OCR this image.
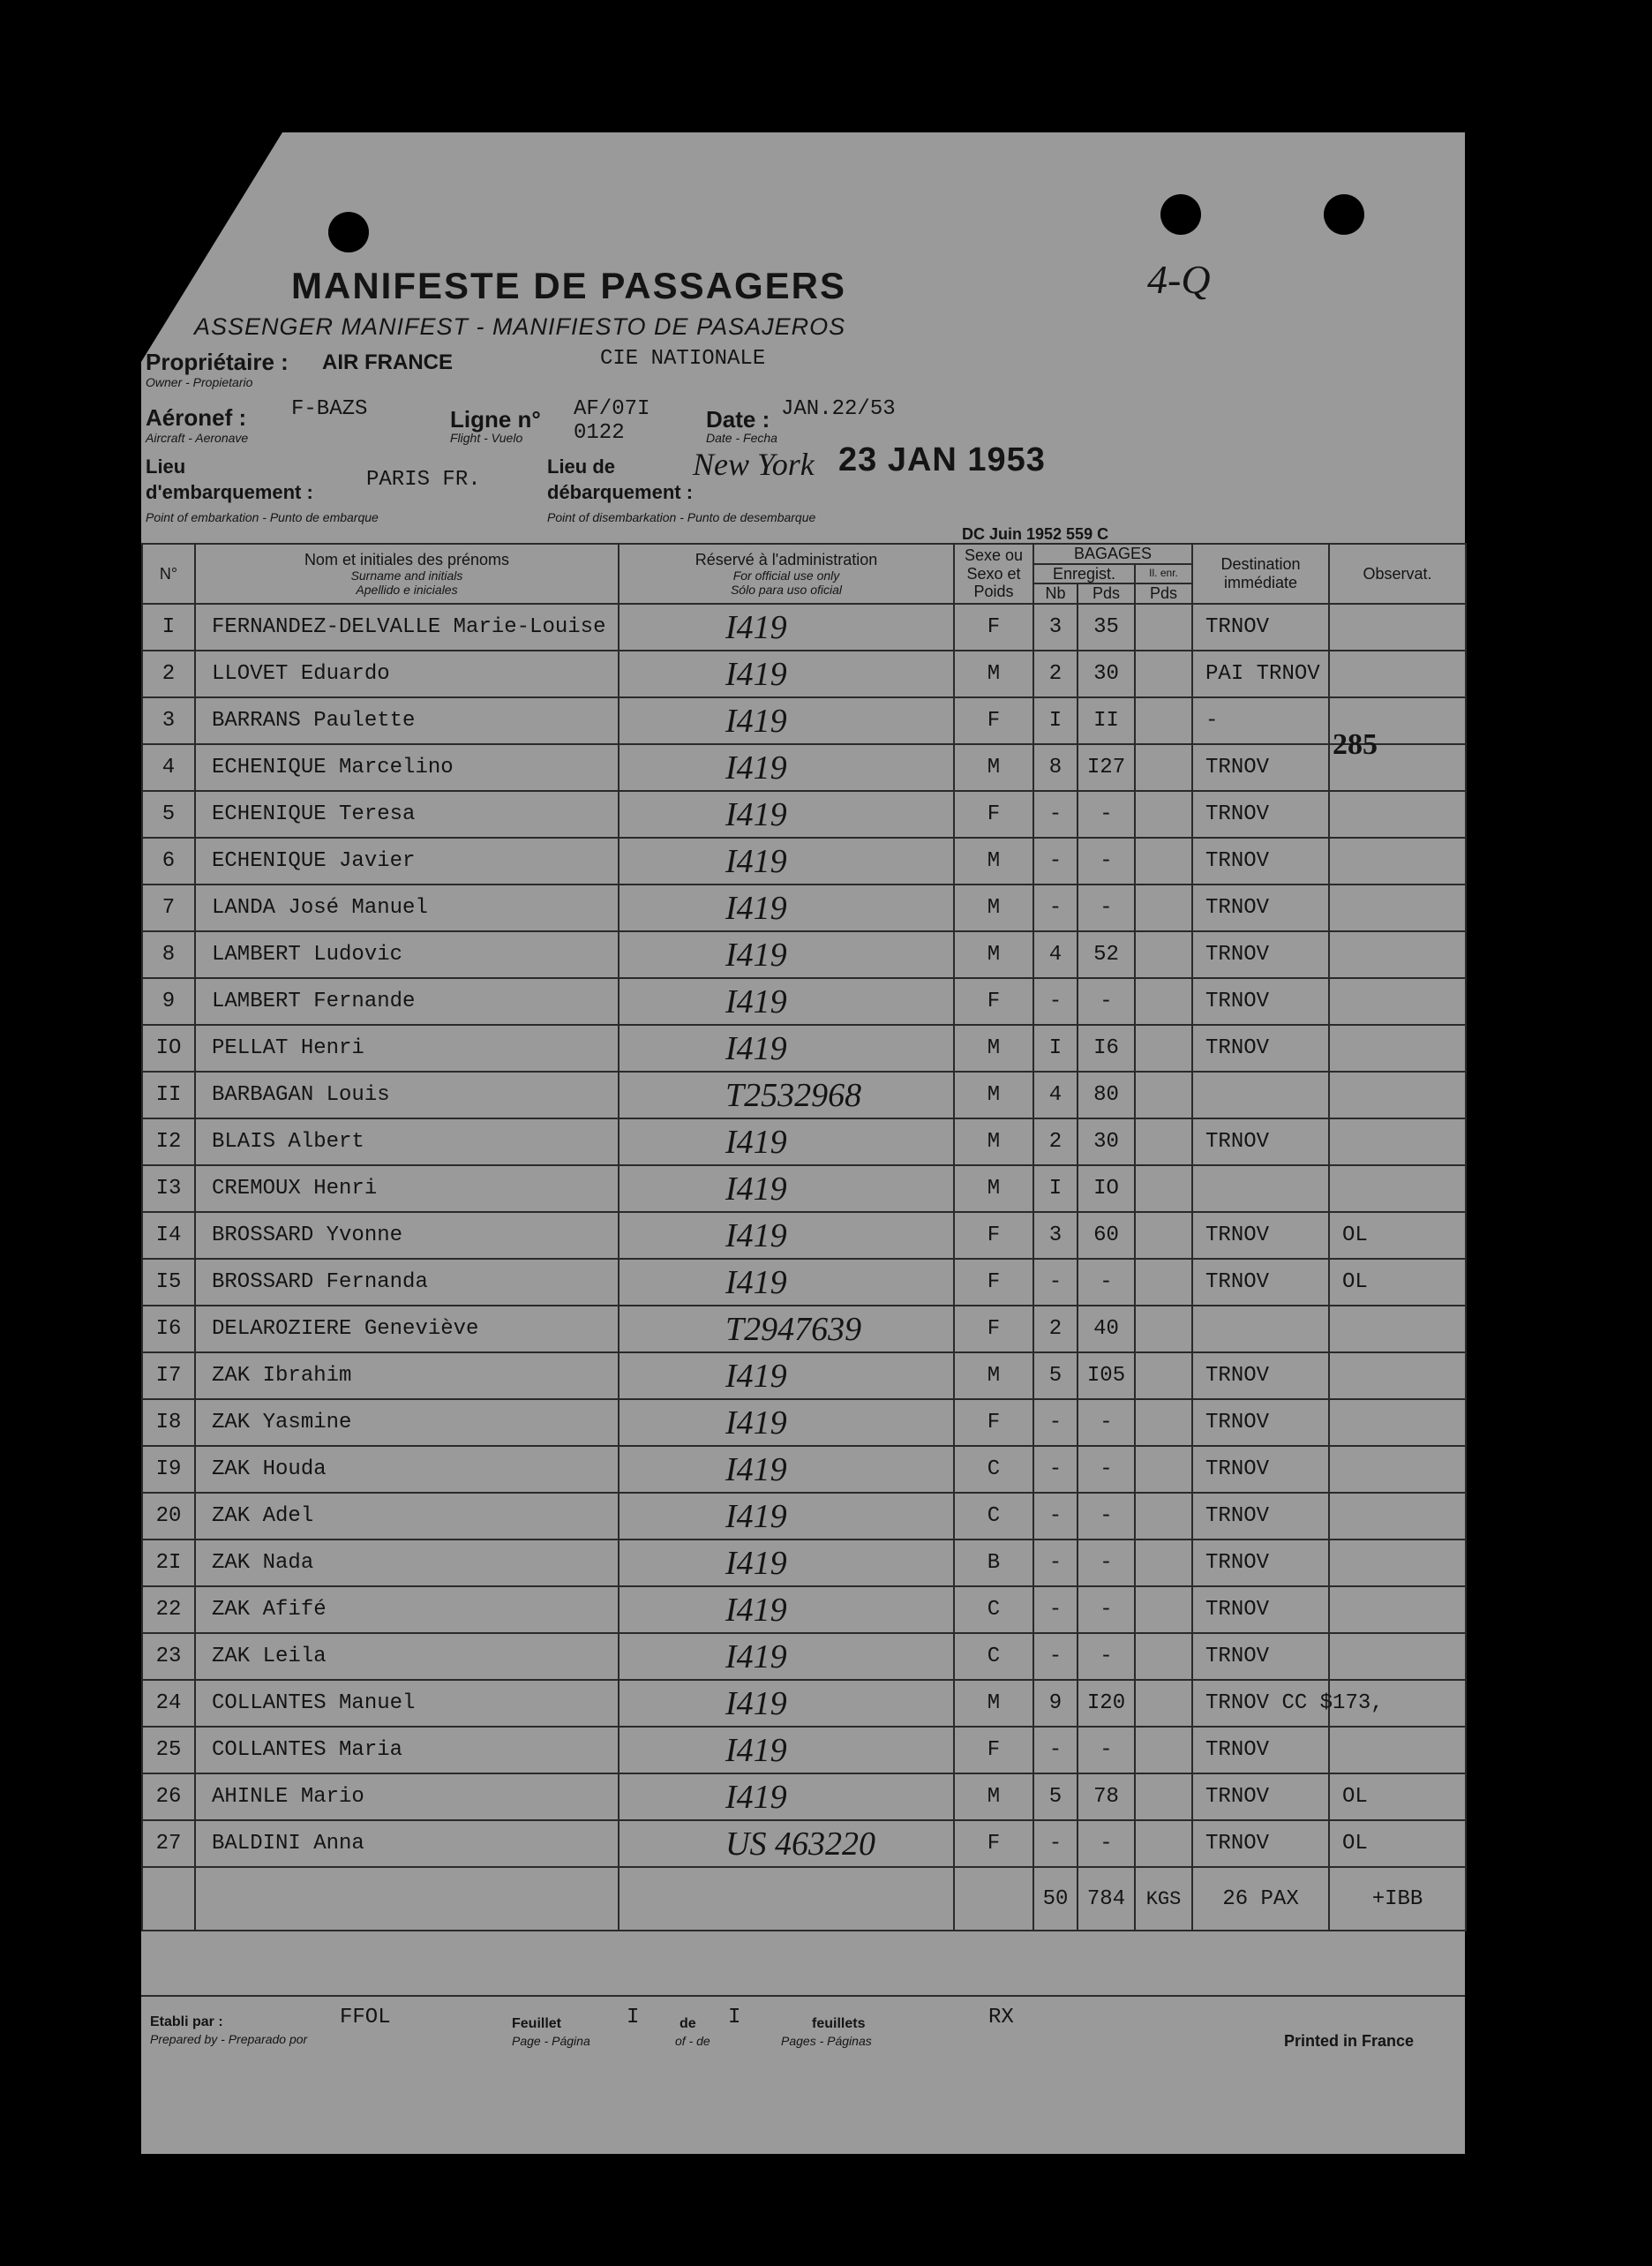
MANIFESTE DE PASSAGERS
ASSENGER MANIFEST - MANIFIESTO DE PASAJEROS
4-Q
Propriétaire :
Owner - Propietario
AIR FRANCE	CIE NATIONALE
Aéronef :
Aircraft - Aeronave
F-BAZS	Ligne n°
Flight - Vuelo
AF/07I
0122
Date :
Date - Fecha
JAN.22/53
23 JAN 1953
Lieu d'embarquement :
Point of embarkation - Punto de embarque
PARIS FR.
Lieu de débarquement :
Point of disembarkation - Punto de desembarque
New York
DC Juin 1952 559 C
N°	Nom et initiales des prénoms
Surname and initials
Apellido e iniciales	Réservé à l'administration
For official use only
Sólo para uso oficial	Sexe ou Sexo et Poids	BAGAGES			Destination immédiate	Observat.
				Enregist.		Il. enr.		
				Nb	Pds	Pds		
I	FERNANDEZ-DELVALLE Marie-Louise	I419	F	3	35		TRNOV	
2	LLOVET Eduardo	I419	M	2	30		PAI TRNOV	
3	BARRANS Paulette	I419	F	I	II		-	
4	ECHENIQUE Marcelino	I419	M	8	I27		TRNOV	
5	ECHENIQUE Teresa	I419	F	-	-		TRNOV	
6	ECHENIQUE Javier	I419	M	-	-		TRNOV	
7	LANDA José Manuel	I419	M	-	-		TRNOV	
8	LAMBERT Ludovic	I419	M	4	52		TRNOV	
9	LAMBERT Fernande	I419	F	-	-		TRNOV	
IO	PELLAT Henri	I419	M	I	I6		TRNOV	
II	BARBAGAN Louis	T2532968	M	4	80			
I2	BLAIS Albert	I419	M	2	30		TRNOV	
I3	CREMOUX Henri	I419	M	I	IO			
I4	BROSSARD Yvonne	I419	F	3	60		TRNOV	OL
I5	BROSSARD Fernanda	I419	F	-	-		TRNOV	OL
I6	DELAROZIERE Geneviève	T2947639	F	2	40			
I7	ZAK Ibrahim	I419	M	5	I05		TRNOV	
I8	ZAK Yasmine	I419	F	-	-		TRNOV	
I9	ZAK Houda	I419	C	-	-		TRNOV	
20	ZAK Adel	I419	C	-	-		TRNOV	
2I	ZAK Nada	I419	B	-	-		TRNOV	
22	ZAK Afifé	I419	C	-	-		TRNOV	
23	ZAK Leila	I419	C	-	-		TRNOV	
24	COLLANTES Manuel	I419	M	9	I20		TRNOV CC $173,	
25	COLLANTES Maria	I419	F	-	-		TRNOV	
26	AHINLE Mario	I419	M	5	78		TRNOV	OL
27	BALDINI Anna	US 463220	F	-	-		TRNOV	OL
				50	784	KGS	26 PAX	+IBB
285
Etabli par :
Prepared by - Preparado por
FFOL	Feuillet
Page - Página
I	de
of - de
I	feuillets
Pages - Páginas
RX
Printed in France
